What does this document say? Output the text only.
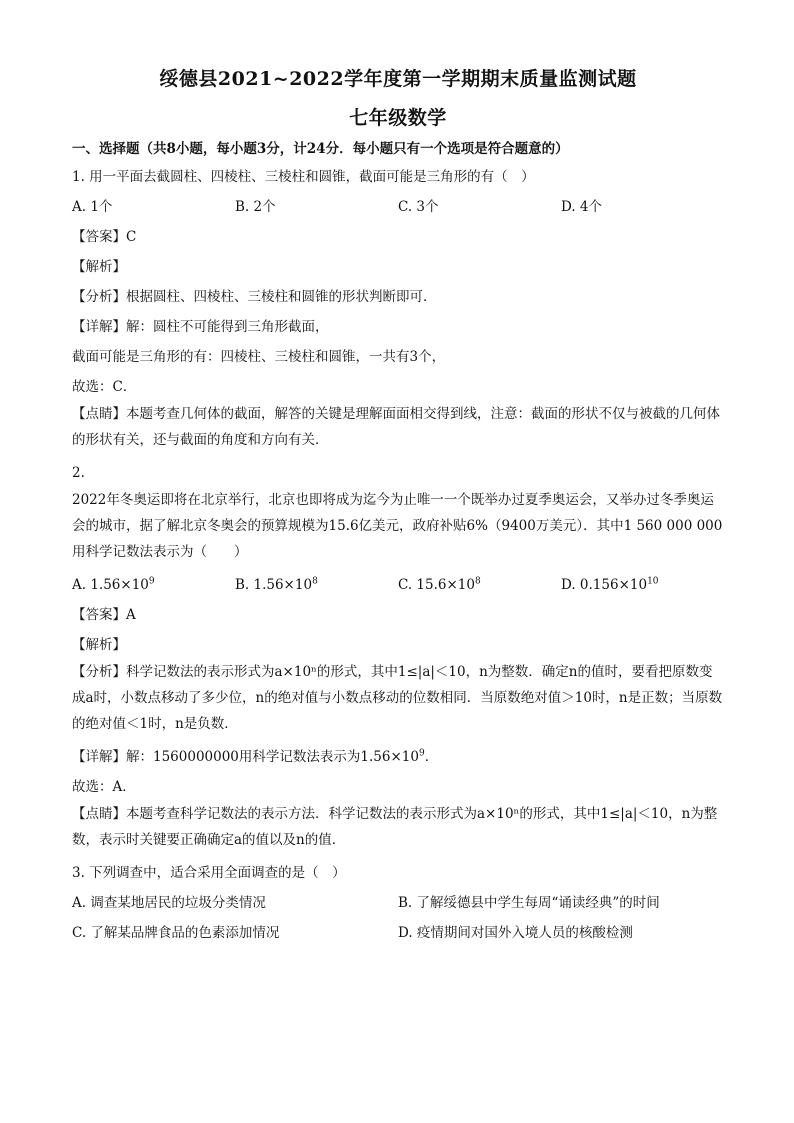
绥德县2021~2022学年度第一学期期末质量监测试题
七年级数学
一、选择题（共8小题，每小题3分，计24分．每小题只有一个选项是符合题意的）
1. 用一平面去截圆柱、四棱柱、三棱柱和圆锥，截面可能是三角形的有（　）
A. 1个	B. 2个	C. 3个	D. 4个
【答案】C
【解析】
【分析】根据圆柱、四棱柱、三棱柱和圆锥的形状判断即可．
【详解】解：圆柱不可能得到三角形截面，
截面可能是三角形的有：四棱柱、三棱柱和圆锥，一共有3个，
故选：C．
【点睛】本题考查几何体的截面，解答的关键是理解面面相交得到线，注意：截面的形状不仅与被截的几何体的形状有关，还与截面的角度和方向有关．
2.
2022年冬奥运即将在北京举行，北京也即将成为迄今为止唯一一个既举办过夏季奥运会，又举办过冬季奥运会的城市，据了解北京冬奥会的预算规模为15.6亿美元，政府补贴6%（9400万美元）．其中1 560 000 000用科学记数法表示为（　　）
A. $1.56\times 10^9$	B. $1.56\times 10^8$	C. $15.6\times 10^8$	D. $0.156\times 10^{10}$
【答案】A
【解析】
【分析】科学记数法的表示形式为a×10ⁿ的形式，其中1≤|a|＜10，n为整数．确定n的值时，要看把原数变成a时，小数点移动了多少位，n的绝对值与小数点移动的位数相同．当原数绝对值＞10时，n是正数；当原数的绝对值＜1时，n是负数．
【详解】解：1560000000用科学记数法表示为$1.56\times 10^9$．
故选：A．
【点睛】本题考查科学记数法的表示方法．科学记数法的表示形式为a×10ⁿ的形式，其中1≤|a|＜10，n为整数，表示时关键要正确确定a的值以及n的值．
3. 下列调查中，适合采用全面调查的是（　）
A. 调查某地居民的垃圾分类情况	B. 了解绥德县中学生每周“诵读经典”的时间
C. 了解某品牌食品的色素添加情况	D. 疫情期间对国外入境人员的核酸检测
